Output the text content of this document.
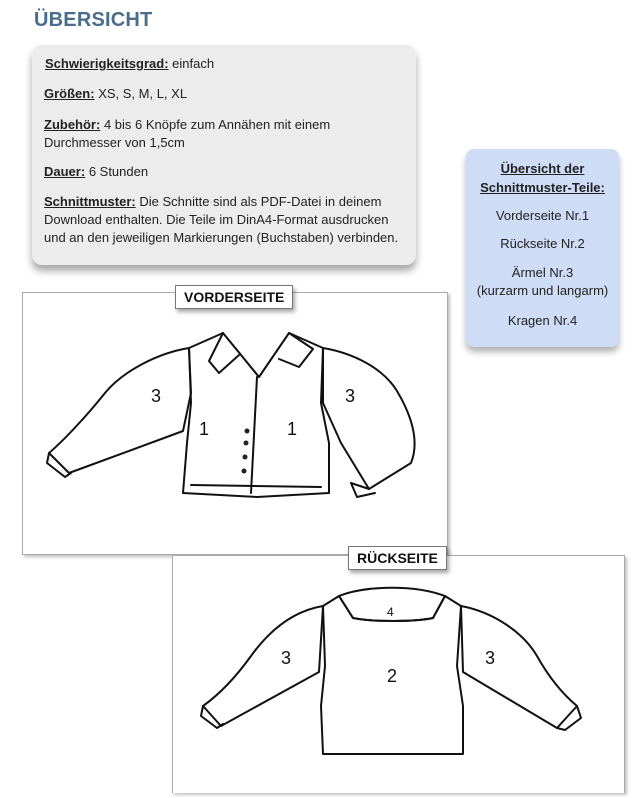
ÜBERSICHT

Schwierigkeitsgrad: einfach

Größen: XS, S, M, L, XL

Zubehör: 4 bis 6 Knöpfe zum Annähen mit einem
Durchmesser von 1,5cm

Dauer: 6 Stunden

Schnittmuster: Die Schnitte sind als PDF-Datei in deinem
Download enthalten. Die Teile im DinA4-Format ausdrucken
und an den jeweiligen Markierungen (Buchstaben) verbinden.

Übersicht der
Schnittmuster-Teile:
Vorderseite Nr.1
Rückseite Nr.2
Ärmel Nr.3
(kurzarm und langarm)
Kragen Nr.4
3	3
1	1
VORDERSEITE
4
2
3	3
RÜCKSEITE
